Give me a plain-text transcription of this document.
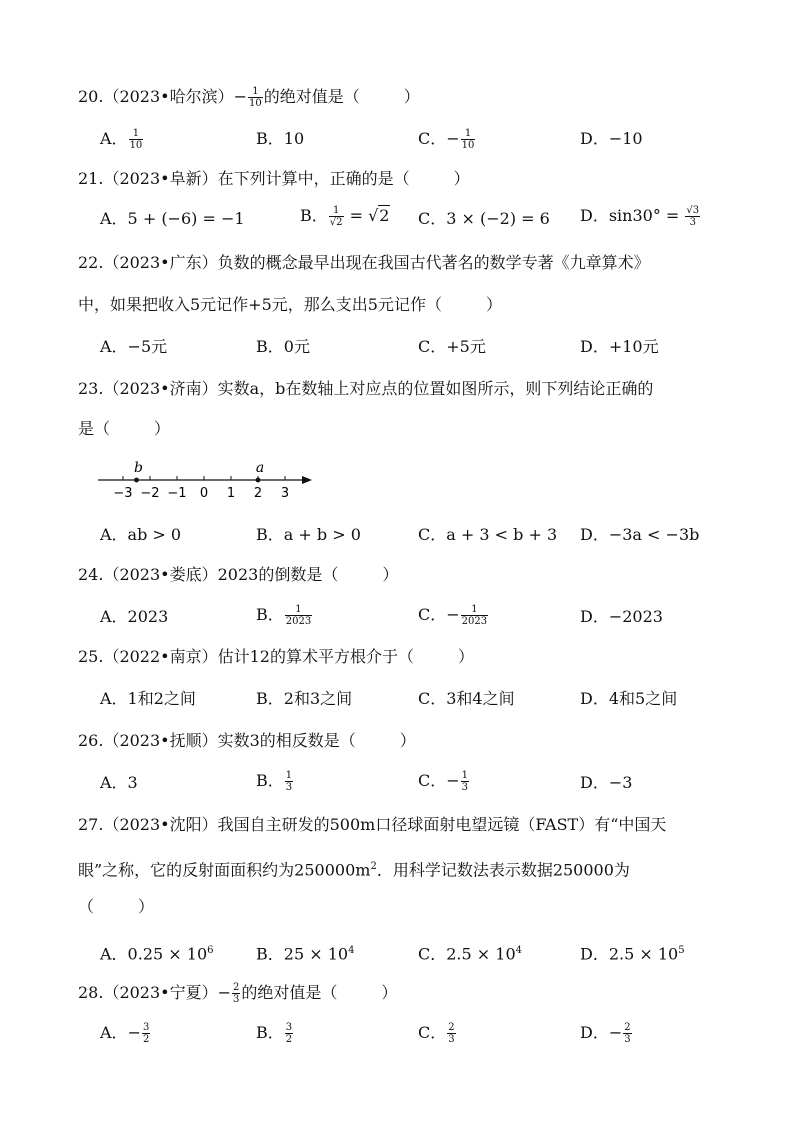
20.（2023•哈尔滨）− $\frac{1}{10}$ 的绝对值是（	）
A． $\frac{1}{10}$	B．10	C．− $\frac{1}{10}$	D．−10
21.（2023•阜新）在下列计算中，正确的是（	）
A．5 + (−6) = −1	B． $\frac{1}{√2} = √2$ C．3 × (−2) = 6 D．$\sin 30^\circ = \frac{√3}{3}$
22.（2023•广东）负数的概念最早出现在我国古代著名的数学专著《九章算术》
中，如果把收入5元记作+5元，那么支出5元记作（	）
A．−5元	B．0元	C．+5元	D．+10元
23.（2023•济南）实数a，b在数轴上对应点的位置如图所示，则下列结论正确的
是（	）
−3 −2 −1 0 1 2 3
b	a
A．ab > 0	B．a + b > 0	C．a + 3 < b + 3 D．−3a < −3b
24.（2023•娄底）2023的倒数是（	）
A．2023	B． $\frac{1}{2023}$	C．− $\frac{1}{2023}$	D．−2023
25.（2022•南京）估计12的算术平方根介于（	）
A．1和2之间	B．2和3之间	C．3和4之间	D．4和5之间
26.（2023•抚顺）实数3的相反数是（	）
A．3	B． $\frac{1}{3}$	C．− $\frac{1}{3}$	D．−3
27.（2023•沈阳）我国自主研发的500m口径球面射电望远镜（FAST）有“中国天
眼”之称，它的反射面面积约为$250000m^2$．用科学记数法表示数据250000为
（	）
A．$0.25 \times 10^6$	B．$25 \times 10^4$	C．$2.5 \times 10^4$	D．$2.5 \times 10^5$
28.（2023•宁夏）− $\frac{2}{3}$ 的绝对值是（	）
A．− $\frac{3}{2}$	B． $\frac{3}{2}$	C． $\frac{2}{3}$	D．− $\frac{2}{3}$
